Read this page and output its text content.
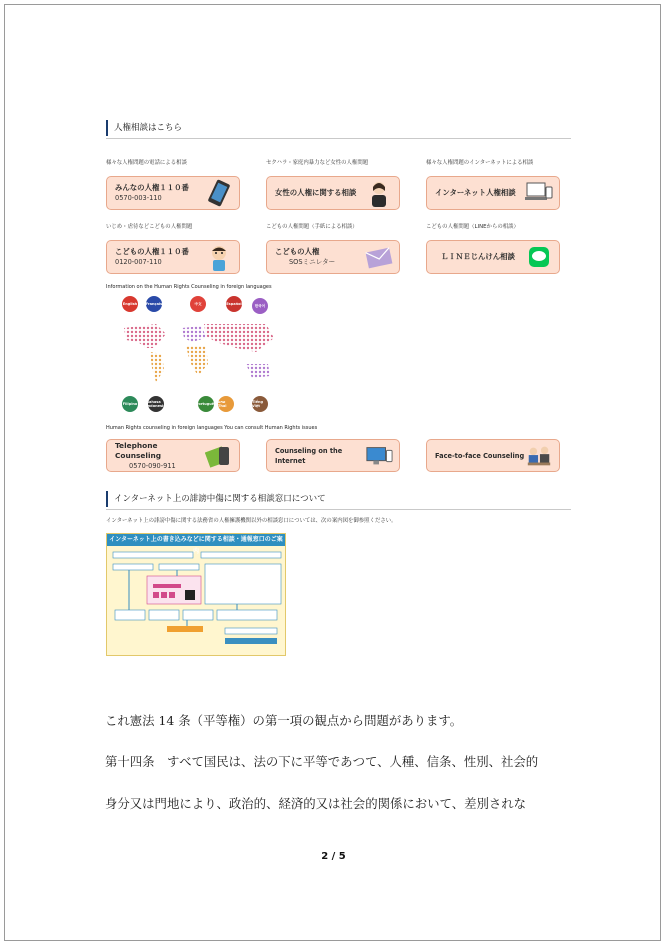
人権相談はこちら
様々な人権問題の電話による相談	セクハラ・家庭内暴力など女性の人権問題	様々な人権問題のインターネットによる相談
みんなの人権１１０番
0570-003-110
女性の人権に関する相談	インターネット人権相談
いじめ・虐待などこどもの人権問題	こどもの人権問題（手紙による相談）	こどもの人権問題（LINEからの相談）
こどもの人権１１０番
0120-007-110
こどもの人権
SOSミニレター
ＬＩＮＥじんけん相談
Information on the Human Rights Counseling in foreign languages
English Français	中文	Español	한국어
Filipino	Bahasa Indonesia	Português ລາວ Thai
Tiếng Việt
Human Rights counseling in foreign languages You can consult Human Rights issues
Telephone Counseling
0570-090-911
Counseling on the Internet
Face-to-face Counseling
インターネット上の誹謗中傷に関する相談窓口について
インターネット上の誹謗中傷に関する法務省の人権擁護機関以外の相談窓口については、次の案内図を御参照ください。
インターネット上の書き込みなどに関する相談・通報窓口のご案内
これ憲法 14 条（平等権）の第一項の観点から問題があります。
第十四条　すべて国民は、法の下に平等であつて、人種、信条、性別、社会的
身分又は門地により、政治的、経済的又は社会的関係において、差別されな
2 / 5
